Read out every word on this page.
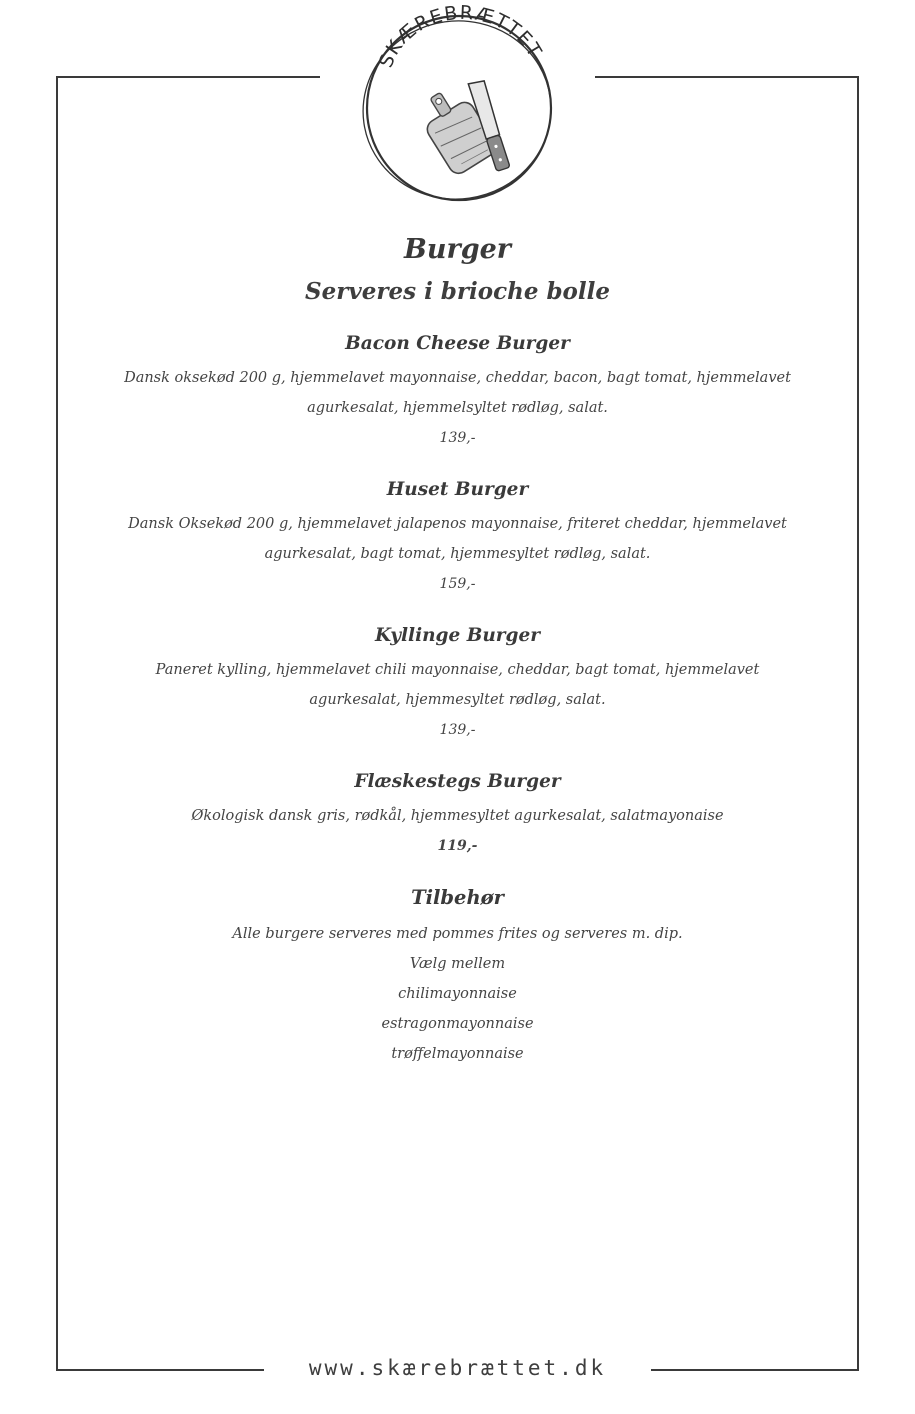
SKÆREBRÆTTET
Burger
Serveres i brioche bolle
Bacon Cheese Burger
Dansk oksekød 200 g, hjemmelavet mayonnaise, cheddar, bacon, bagt tomat, hjemmelavet
agurkesalat, hjemmelsyltet rødløg, salat.
139,-
Huset Burger
Dansk Oksekød 200 g, hjemmelavet jalapenos mayonnaise, friteret cheddar, hjemmelavet
agurkesalat, bagt tomat, hjemmesyltet rødløg, salat.
159,-
Kyllinge Burger
Paneret kylling, hjemmelavet chili mayonnaise, cheddar, bagt tomat, hjemmelavet
agurkesalat, hjemmesyltet rødløg, salat.
139,-
Flæskestegs Burger
Økologisk dansk gris, rødkål, hjemmesyltet agurkesalat, salatmayonaise
119,-
Tilbehør
Alle burgere serveres med pommes frites og serveres m. dip.
Vælg mellem
chilimayonnaise
estragonmayonnaise
trøffelmayonnaise
www.skærebrættet.dk
